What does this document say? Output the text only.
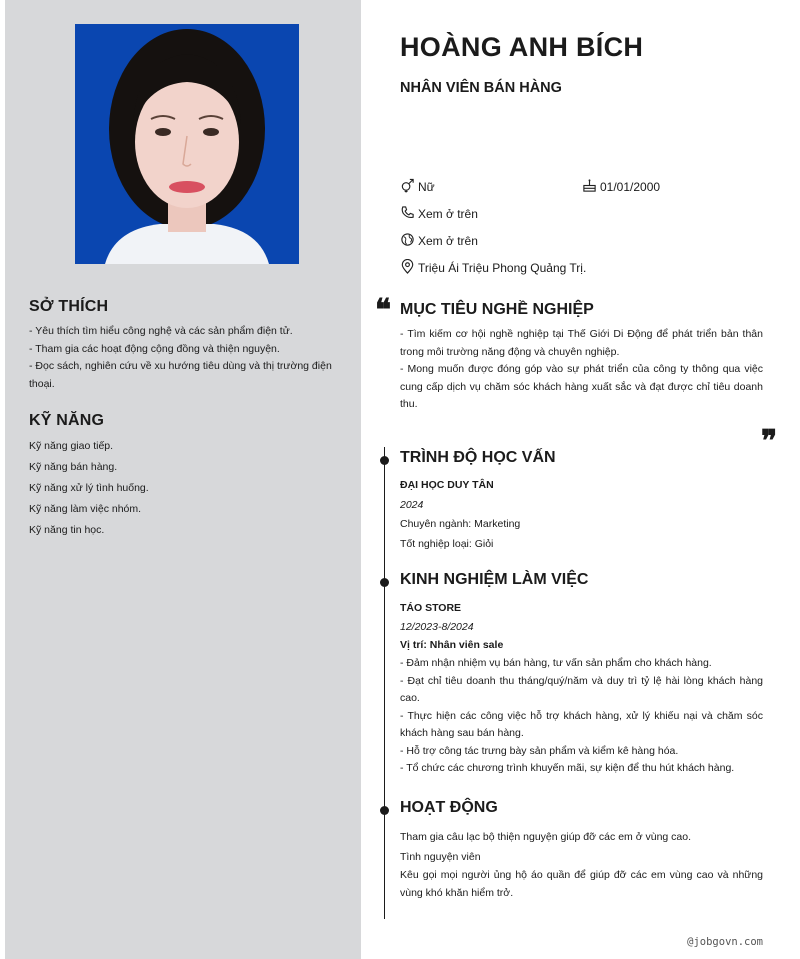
SỞ THÍCH
- Yêu thích tìm hiểu công nghệ và các sản phẩm điện tử.
- Tham gia các hoạt động cộng đồng và thiện nguyện.
- Đọc sách, nghiên cứu về xu hướng tiêu dùng và thị trường điện thoại.
KỸ NĂNG
Kỹ năng giao tiếp.
Kỹ năng bán hàng.
Kỹ năng xử lý tình huống.
Kỹ năng làm việc nhóm.
Kỹ năng tin học.
HOÀNG ANH BÍCH
NHÂN VIÊN BÁN HÀNG
Nữ	01/01/2000
Xem ở trên
Xem ở trên
Triệu Ái Triệu Phong Quảng Trị.
❝ MỤC TIÊU NGHỀ NGHIỆP
- Tìm kiếm cơ hội nghề nghiệp tại Thế Giới Di Động để phát triển bản thân trong môi trường năng động và chuyên nghiệp.
- Mong muốn được đóng góp vào sự phát triển của công ty thông qua việc cung cấp dịch vụ chăm sóc khách hàng xuất sắc và đạt được chỉ tiêu doanh thu.
❞
TRÌNH ĐỘ HỌC VẤN
ĐẠI HỌC DUY TÂN
2024
Chuyên ngành: Marketing
Tốt nghiệp loại: Giỏi
KINH NGHIỆM LÀM VIỆC
TÁO STORE
12/2023-8/2024
Vị trí: Nhân viên sale
- Đảm nhận nhiệm vụ bán hàng, tư vấn sản phẩm cho khách hàng.
- Đạt chỉ tiêu doanh thu tháng/quý/năm và duy trì tỷ lệ hài lòng khách hàng cao.
- Thực hiện các công việc hỗ trợ khách hàng, xử lý khiếu nại và chăm sóc khách hàng sau bán hàng.
- Hỗ trợ công tác trưng bày sản phẩm và kiểm kê hàng hóa.
- Tổ chức các chương trình khuyến mãi, sự kiện để thu hút khách hàng.
HOẠT ĐỘNG
Tham gia câu lạc bộ thiện nguyện giúp đỡ các em ở vùng cao.
Tình nguyện viên
Kêu gọi mọi người ủng hộ áo quần để giúp đỡ các em vùng cao và những vùng khó khăn hiểm trở.
@jobgovn.com
